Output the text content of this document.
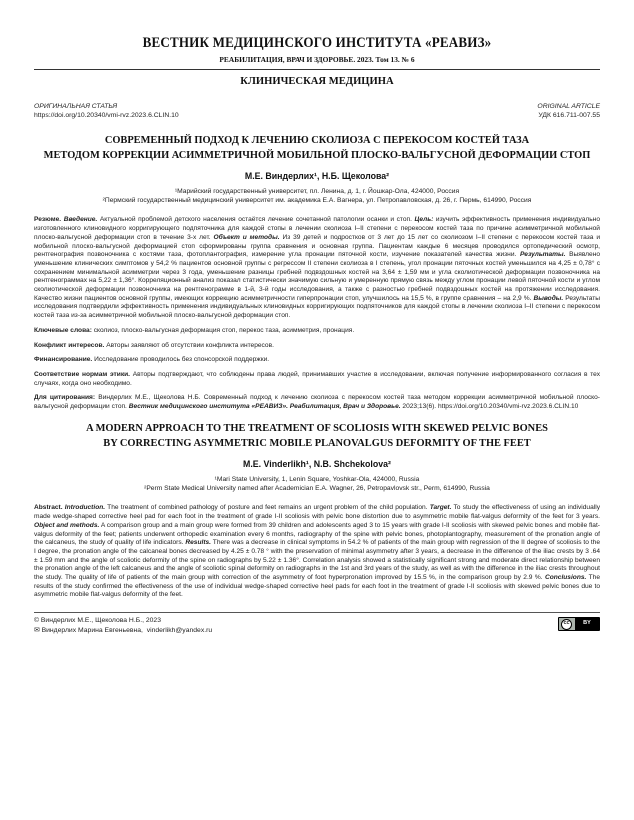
ВЕСТНИК МЕДИЦИНСКОГО ИНСТИТУТА «РЕАВИЗ»
РЕАБИЛИТАЦИЯ, ВРАЧ И ЗДОРОВЬЕ. 2023. Том 13. № 6
КЛИНИЧЕСКАЯ МЕДИЦИНА
ОРИГИНАЛЬНАЯ СТАТЬЯ
https://doi.org/10.20340/vmi-rvz.2023.6.CLIN.10
ORIGINAL ARTICLE
УДК 616.711-007.55
СОВРЕМЕННЫЙ ПОДХОД К ЛЕЧЕНИЮ СКОЛИОЗА С ПЕРЕКОСОМ КОСТЕЙ ТАЗА
МЕТОДОМ КОРРЕКЦИИ АСИММЕТРИЧНОЙ МОБИЛЬНОЙ ПЛОСКО-ВАЛЬГУСНОЙ ДЕФОРМАЦИИ СТОП
М.Е. Виндерлих¹, Н.Б. Щеколова²
¹Марийский государственный университет, пл. Ленина, д. 1, г. Йошкар-Ола, 424000, Россия
²Пермский государственный медицинский университет им. академика Е.А. Вагнера, ул. Петропавловская, д. 26, г. Пермь, 614990, Россия

Резюме. Введение. Актуальной проблемой детского населения остаётся лечение сочетанной патологии осанки и стоп. Цель: изучить эффективность применения индивидуально изготовленного клиновидного корригирующего подпяточника для каждой стопы в лечении сколиоза I–II степени с перекосом костей таза по причине асимметричной мобильной плоско-вальгусной деформации стоп в течение 3-х лет. Объект и методы. Из 39 детей и подростков от 3 лет до 15 лет со сколиозом I–II степени с перекосом костей таза и мобильной плоско-вальгусной деформацией стоп сформированы группа сравнения и основная группа. Пациентам каждые 6 месяцев проводился ортопедический осмотр, рентгенография позвоночника с костями таза, фотоплантография, измерение угла пронации пяточной кости, изучение показателей качества жизни. Результаты. Выявлено уменьшение клинических симптомов у 54,2 % пациентов основной группы с регрессом II степени сколиоза в I степень, угол пронации пяточных костей уменьшился на 4,25 ± 0,78° с сохранением минимальной асимметрии через 3 года, уменьшение разницы гребней подвздошных костей на 3,64 ± 1,59 мм и угла сколиотической деформации позвоночника на рентгенограммах на 5,22 ± 1,36°. Корреляционный анализ показал статистически значимую сильную и умеренную прямую связь между углом пронации левой пяточной кости и углом сколиотической деформации позвоночника на рентгенограмме в 1-й, 3-й годы исследования, а также с разностью гребней подвздошных костей на протяжении исследования. Качество жизни пациентов основной группы, имеющих коррекцию асимметричности гиперпронации стоп, улучшилось на 15,5 %, в группе сравнения – на 2,9 %. Выводы. Результаты исследования подтвердили эффективность применения индивидуальных клиновидных корригирующих подпяточников для каждой стопы в лечении сколиоза I–II степени с перекосом костей таза из-за асимметричной мобильной плоско-вальгусной деформации стоп.

Ключевые слова: сколиоз, плоско-вальгусная деформация стоп, перекос таза, асимметрия, пронация.

Конфликт интересов. Авторы заявляют об отсутствии конфликта интересов.

Финансирование. Исследование проводилось без спонсорской поддержки.

Соответствие нормам этики. Авторы подтверждают, что соблюдены права людей, принимавших участие в исследовании, включая получение информированного согласия в тех случаях, когда оно необходимо.

Для цитирования: Виндерлих М.Е., Щеколова Н.Б. Современный подход к лечению сколиоза с перекосом костей таза методом коррекции асимметричной мобильной плоско-вальгусной деформации стоп. Вестник медицинского института «РЕАВИЗ». Реабилитация, Врач и Здоровье. 2023;13(6). https://doi.org/10.20340/vmi-rvz.2023.6.CLIN.10

A MODERN APPROACH TO THE TREATMENT OF SCOLIOSIS WITH SKEWED PELVIC BONES
BY CORRECTING ASYMMETRIC MOBILE PLANOVALGUS DEFORMITY OF THE FEET
M.E. Vinderlikh¹, N.B. Shchekolova²
¹Mari State University, 1, Lenin Square, Yoshkar-Ola, 424000, Russia
²Perm State Medical University named after Academician E.A. Wagner, 26, Petropavlovsk str., Perm, 614990, Russia

Abstract. Introduction. The treatment of combined pathology of posture and feet remains an urgent problem of the child population. Target. To study the effectiveness of using an individually made wedge-shaped corrective heel pad for each foot in the treatment of grade I-II scoliosis with pelvic bone distortion due to asymmetric mobile flat-valgus deformity of the feet for 3 years. Object and methods. A comparison group and a main group were formed from 39 children and adolescents aged 3 to 15 years with grade I-II scoliosis with skewed pelvic bones and mobile flat-valgus deformity of the feet; patients underwent orthopedic examination every 6 months, radiography of the spine with pelvic bones, photoplantography, measurement of the pronation angle of the calcaneus, the study of quality of life indicators. Results. There was a decrease in clinical symptoms in 54.2 % of patients of the main group with regression of the II degree of scoliosis to the I degree, the pronation angle of the calcaneal bones decreased by 4.25 ± 0.78 ° with the preservation of minimal asymmetry after 3 years, a decrease in the difference of the iliac crests by 3 .64 ± 1.59 mm and the angle of scoliotic deformity of the spine on radiographs by 5.22 ± 1.36°. Correlation analysis showed a statistically significant strong and moderate direct relationship between the pronation angle of the left calcaneus and the angle of scoliotic spinal deformity on radiographs in the 1st and 3rd years of the study, as well as with the difference in the iliac crests throughout the study. The quality of life of patients of the main group with correction of the asymmetry of foot hyperpronation improved by 15.5 %, in the comparison group by 2.9 %. Conclusions. The results of the study confirmed the effectiveness of the use of individual wedge-shaped corrective heel pads for each foot in the treatment of grade I-II scoliosis with skewed pelvic bones due to asymmetric mobile flat-valgus deformity of the feet.

© Виндерлих М.Е., Щеколова Н.Б., 2023
✉ Виндерлих Марина Евгеньевна, vinderlikh@yandex.ru
cc	BY
